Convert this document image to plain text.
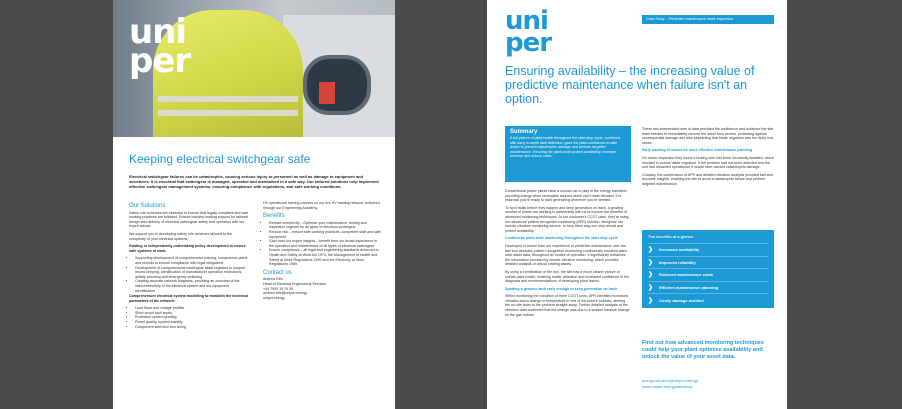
uni
per
Keeping electrical switchgear safe
Electrical switchgear failures can be catastrophic, causing serious injury to personnel as well as damage to equipment and structures. It is essential that switchgear is managed, operated and maintained in a safe way. Our tailored solutions help implement effective switchgear management systems, ensuring compliance with regulations, and safe working conditions.
Our Solutions

Safety rule schemes are essential to ensure that legally compliant and safe working practices are followed. Ensure industry-leading support for tailored design and delivery of electrical switchgear safety and operation with our expert advice.

We support you in developing safety rule schemes tailored to the complexity of your electrical systems.

Guiding or independently undertaking policy development to ensure safe systems of work.

• Supporting development of comprehensive training, competence plans and records to ensure compliance with legal obligations
• Development of comprehensive switchgear asset registers to support record keeping, identification of manufacturer operation restrictions, activity planning and emergency switching
• Creating accurate network diagrams, providing an overview of the interconnectivity of the electrical system and aid equipment identification

Comprehensive electrical system modelling to establish the technical parameters of the network:

• Load flows and voltage profiles
• Short circuit fault levels
• Protection system grading
• Power quality, system stability
• Component selection and sizing

HV operational training courses on our live HV training network, delivered through our Engineering Academy.

Benefits
• Reduce complexity – Optimise your maintenance, testing and inspection regimes for all types of electrical switchgear
• Reduce risk – ensure safe working practices, competent staff and safe equipment
• Gain from our expert insights – benefit from our broad experience in the operation and maintenance of all types of electrical switchgear
• Ensure compliance – all legal and engineering standards achieved to Health and Safety at Work Act 1974, the Management of Health and Safety at Work Regulations 1999 and the Electricity at Work Regulations 1989.
Contact us
Andrew Ellis
Head of Electrical Engineering Services
+44 7909 15 29 55
andrew.ellis@uniper.energy
uniper.energy
uni
per
Case Study – Predictive maintenance blade inspection
Ensuring availability – the increasing value of predictive maintenance when failure isn't an option.
Summary
A full picture of plant health throughout the start-stop cycle, combined with early in-depth fault detection, gave the plant confidence to take action to prevent catastrophic damage and perform targeted maintenance. Ensuring the plant could protect availability, increase revenue and reduce costs.

Conventional power plants have a crucial role to play in the energy transition, providing energy when renewable sources alone can't meet demand. It is essential you're ready to start generating whenever you're needed.

To spot faults before they happen and keep generation on track, a growing number of plants are working in partnership with us to explore the benefits of advanced monitoring techniques. At our customer's CCGT plant, they're using our advanced pattern recognition monitoring (APR) solution, alongside our remote vibration monitoring service, to help them stay one step ahead and protect availability.

Continuous plant-wide monitoring throughout the start-stop cycle

Developed in-house from our experience of predictive maintenance over the last four decades, pattern recognition monitoring continuously monitors plant-wide asset data, throughout all modes of operation. It significantly enhances the information provided by remote vibration monitoring, which provides detailed analysis of critical rotating assets.

By using a combination of the two, the site has a much clearer picture of overall plant health, enabling earlier detection and increased confidence in the diagnosis and recommendations of developing plant issues.

Spotting a genuine fault early enough to keep generation on track

Whilst monitoring the condition of three CCGT units, APR identified increased vibration and a change in temperature in one of the plant's turbines, alerting the on-site team to the problem straight away. Further detailed analysis of the vibration data confirmed that the change was due to a sudden balance change on the gas turbine.

These two independent sets of data provided the confidence and evidence the site team needed to immediately remove the asset from service, protecting against consequential damage and also pinpointing that blade migration was the likely root cause.

Early warning of issues for more effective maintenance planning

On closer inspection they found a locking wire had been incorrectly installed, which resulted in turbine blade migration. If the problem had not been detected and the unit had remained operational, it would have caused catastrophic damage.

Crucially, the combination of APR and detailed vibration analysis provided fast and accurate insights, enabling the site to avoid a catastrophic failure and perform targeted maintenance.

The benefits at a glance
❯	Increased availability
❯	Improved reliability
❯	Reduced maintenance costs
❯	Efficient maintenance planning
❯	Costly damage avoided
Find out how advanced monitoring techniques could help your plant optimise availability and unlock the value of your asset data.
energy.services@uniper.energy
www.uniper.energy/services/
